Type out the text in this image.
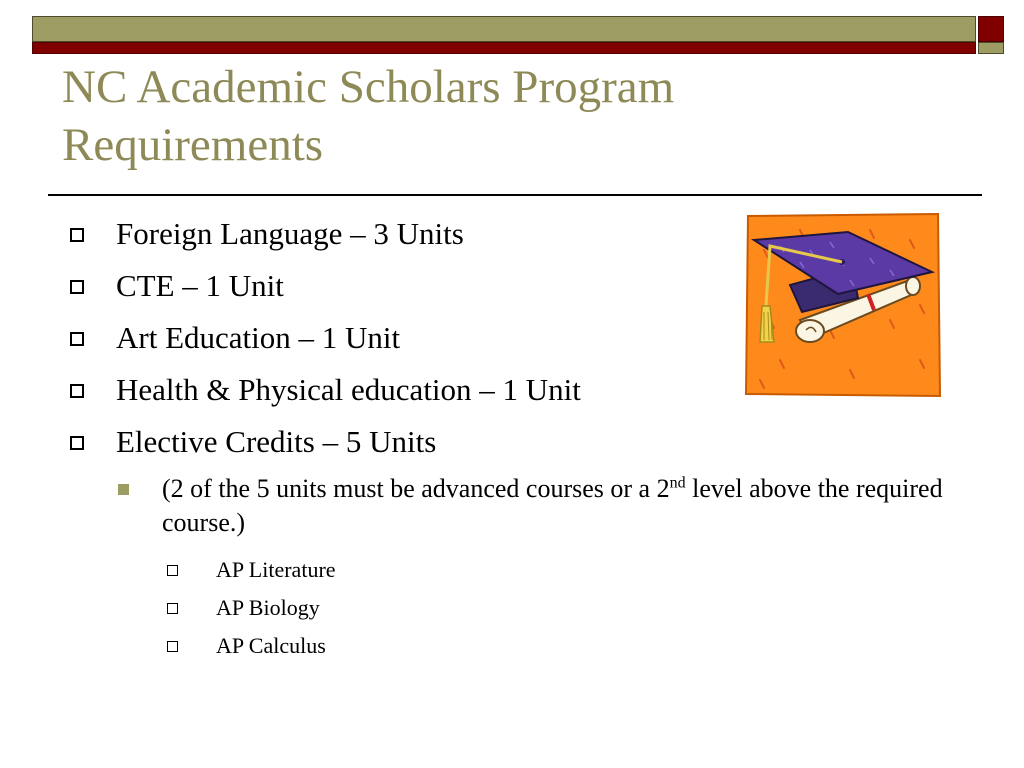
NC Academic Scholars Program Requirements
Foreign Language – 3 Units
CTE – 1 Unit
Art Education – 1 Unit
Health & Physical education – 1 Unit
Elective Credits – 5 Units
(2 of the 5 units must be advanced courses or a 2nd level above the required course.)
AP Literature
AP Biology
AP Calculus
